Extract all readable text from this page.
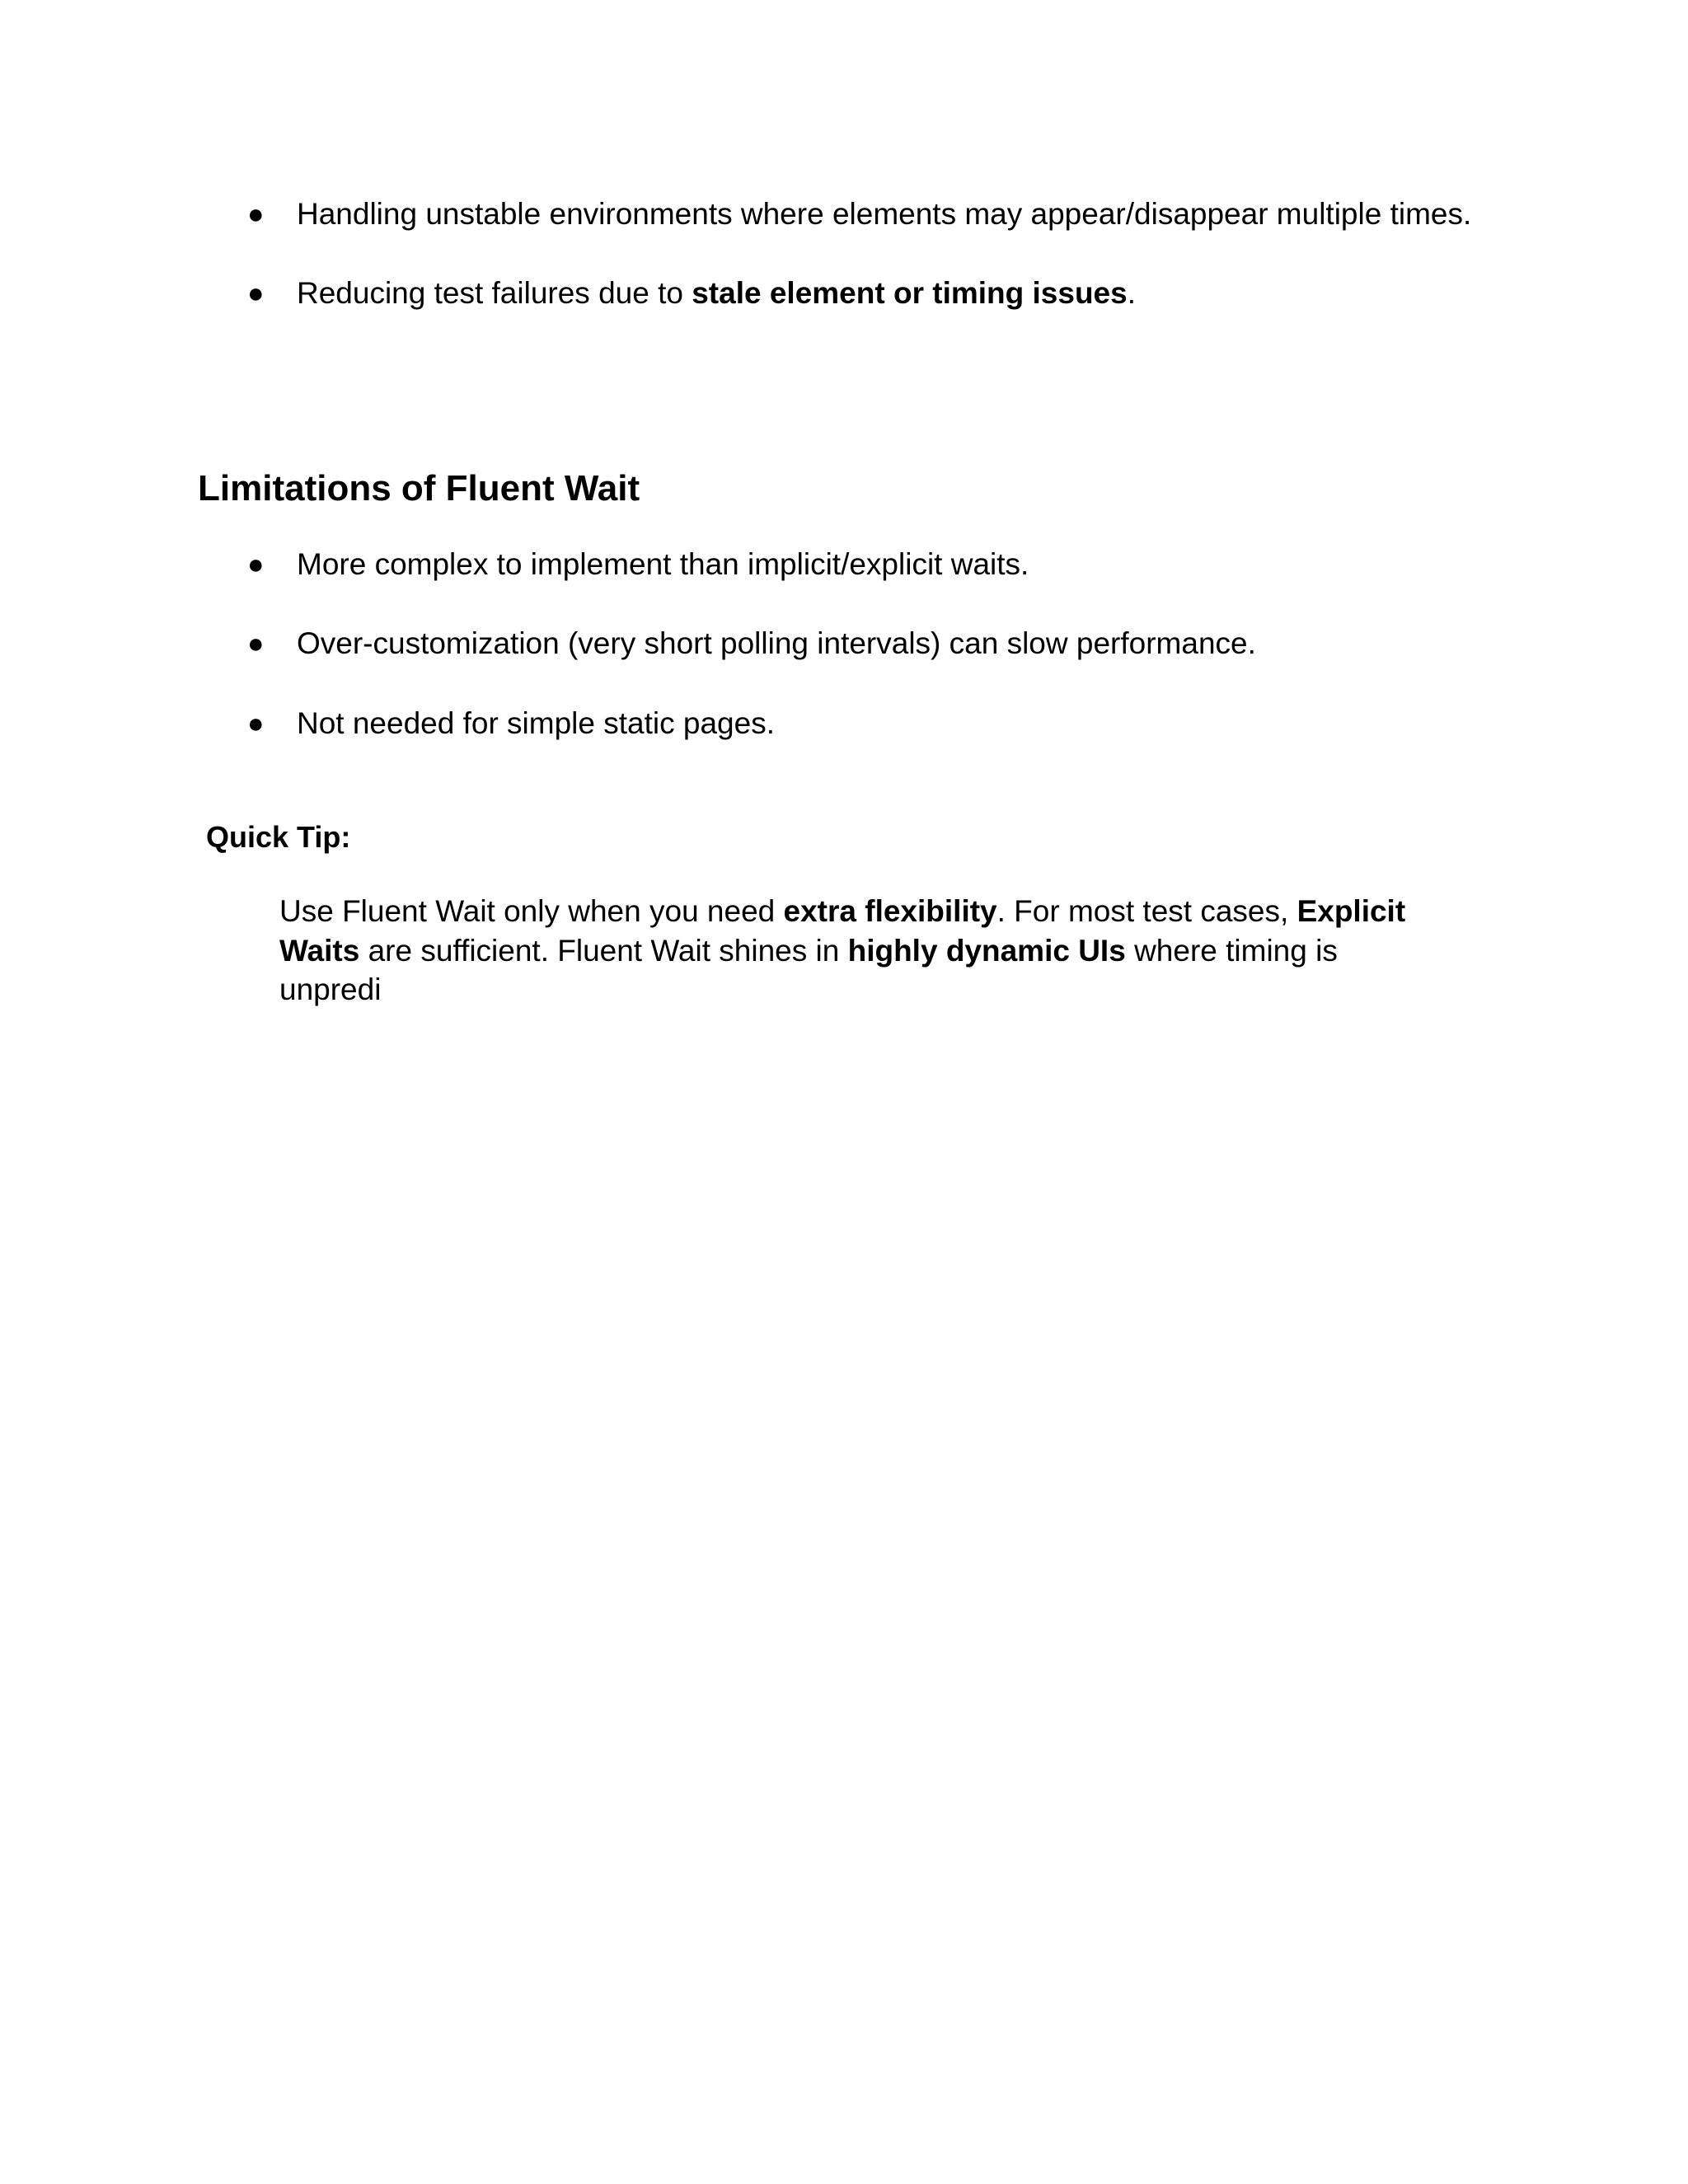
● Handling unstable environments where elements may appear/disappear multiple times.
● Reducing test failures due to stale element or timing issues.
Limitations of Fluent Wait
● More complex to implement than implicit/explicit waits.
● Over-customization (very short polling intervals) can slow performance.
● Not needed for simple static pages.
Quick Tip:
Use Fluent Wait only when you need extra flexibility. For most test cases, Explicit Waits are sufficient. Fluent Wait shines in highly dynamic UIs where timing is unpredi
